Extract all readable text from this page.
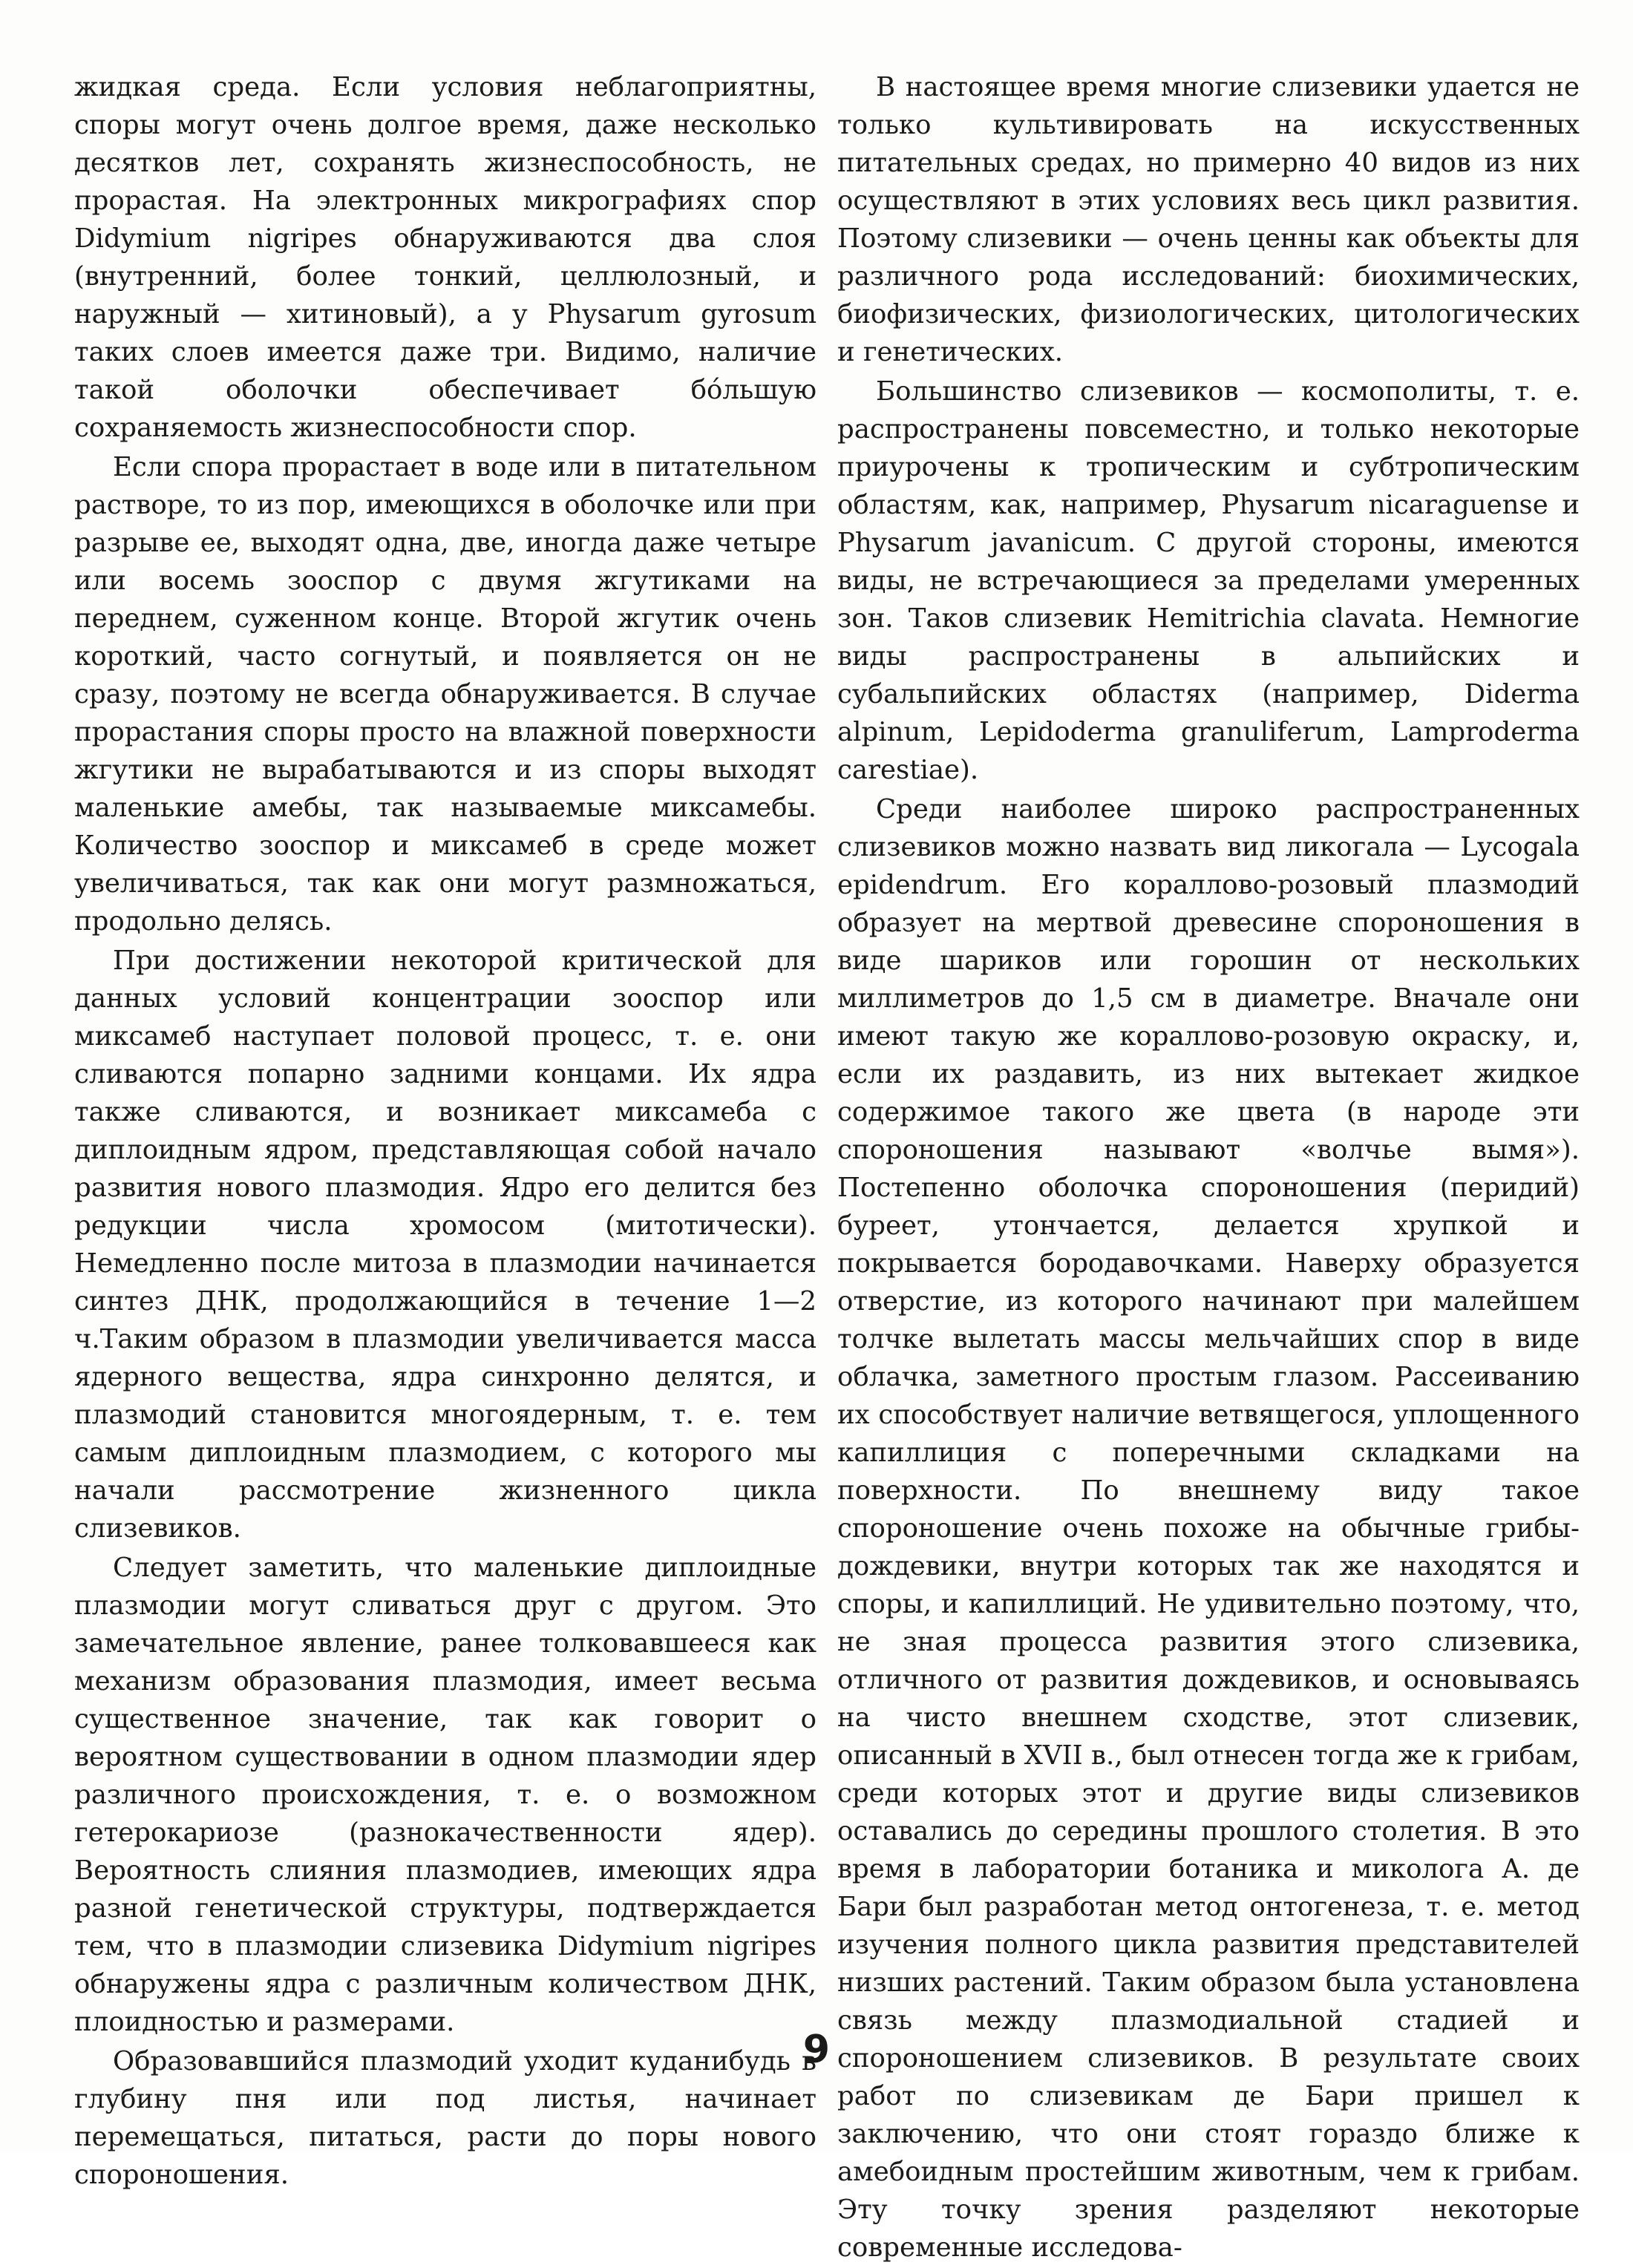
жидкая среда. Если условия неблагоприятны, споры могут очень долгое время, даже несколько десятков лет, сохранять жизнеспособность, не прорастая. На электронных микрографиях спор Didymium nigripes обнаруживаются два слоя (внутренний, более тонкий, целлюлозный, и наружный — хитиновый), а у Physarum gyrosum таких слоев имеется даже три. Видимо, наличие такой оболочки обеспечивает бóльшую сохраняемость жизнеспособности спор.

Если спора прорастает в воде или в питательном растворе, то из пор, имеющихся в оболочке или при разрыве ее, выходят одна, две, иногда даже четыре или восемь зооспор с двумя жгутиками на переднем, суженном конце. Второй жгутик очень короткий, часто согнутый, и появляется он не сразу, поэтому не всегда обнаруживается. В случае прорастания споры просто на влажной поверхности жгутики не вырабатываются и из споры выходят маленькие амебы, так называемые миксамебы. Количество зооспор и миксамеб в среде может увеличиваться, так как они могут размножаться, продольно делясь.

При достижении некоторой критической для данных условий концентрации зооспор или миксамеб наступает половой процесс, т. е. они сливаются попарно задними концами. Их ядра также сливаются, и возникает миксамеба с диплоидным ядром, представляющая собой начало развития нового плазмодия. Ядро его делится без редукции числа хромосом (митотически). Немедленно после митоза в плазмодии начинается синтез ДНК, продолжающийся в течение 1—2 ч.Таким образом в плазмодии увеличивается масса ядерного вещества, ядра синхронно делятся, и плазмодий становится многоядерным, т. е. тем самым диплоидным плазмодием, с которого мы начали рассмотрение жизненного цикла слизевиков.

Следует заметить, что маленькие диплоидные плазмодии могут сливаться друг с другом. Это замечательное явление, ранее толковавшееся как механизм образования плазмодия, имеет весьма существенное значение, так как говорит о вероятном существовании в одном плазмодии ядер различного происхождения, т. е. о возможном гетерокариозе (разнокачественности ядер). Вероятность слияния плазмодиев, имеющих ядра разной генетической структуры, подтверждается тем, что в плазмодии слизевика Didymium nigripes обнаружены ядра с различным количеством ДНК, плоидностью и размерами.

Образовавшийся плазмодий уходит куданибудь в глубину пня или под листья, начинает перемещаться, питаться, расти до поры нового спороношения.

В настоящее время многие слизевики удается не только культивировать на искусственных питательных средах, но примерно 40 видов из них осуществляют в этих условиях весь цикл развития. Поэтому слизевики — очень ценны как объекты для различного рода исследований: биохимических, биофизических, физиологических, цитологических и генетических.

Большинство слизевиков — космополиты, т. е. распространены повсеместно, и только некоторые приурочены к тропическим и субтропическим областям, как, например, Physarum nicaraguense и Physarum javanicum. С другой стороны, имеются виды, не встречающиеся за пределами умеренных зон. Таков слизевик Hemitrichia clavata. Немногие виды распространены в альпийских и субальпийских областях (например, Diderma alpinum, Lepidoderma granuliferum, Lamproderma carestiae).

Среди наиболее широко распространенных слизевиков можно назвать вид ликогала — Lycogala epidendrum. Его кораллово-розовый плазмодий образует на мертвой древесине спороношения в виде шариков или горошин от нескольких миллиметров до 1,5 см в диаметре. Вначале они имеют такую же кораллово-розовую окраску, и, если их раздавить, из них вытекает жидкое содержимое такого же цвета (в народе эти спороношения называют «волчье вымя»). Постепенно оболочка спороношения (перидий) буреет, утончается, делается хрупкой и покрывается бородавочками. Наверху образуется отверстие, из которого начинают при малейшем толчке вылетать массы мельчайших спор в виде облачка, заметного простым глазом. Рассеиванию их способствует наличие ветвящегося, уплощенного капиллиция с поперечными складками на поверхности. По внешнему виду такое спороношение очень похоже на обычные грибы-дождевики, внутри которых так же находятся и споры, и капиллиций. Не удивительно поэтому, что, не зная процесса развития этого слизевика, отличного от развития дождевиков, и основываясь на чисто внешнем сходстве, этот слизевик, описанный в XVII в., был отнесен тогда же к грибам, среди которых этот и другие виды слизевиков оставались до середины прошлого столетия. В это время в лаборатории ботаника и миколога А. де Бари был разработан метод онтогенеза, т. е. метод изучения полного цикла развития представителей низших растений. Таким образом была установлена связь между плазмодиальной стадией и спороношением слизевиков. В результате своих работ по слизевикам де Бари пришел к заключению, что они стоят гораздо ближе к амебоидным простейшим животным, чем к грибам. Эту точку зрения разделяют некоторые современные исследова-

9
